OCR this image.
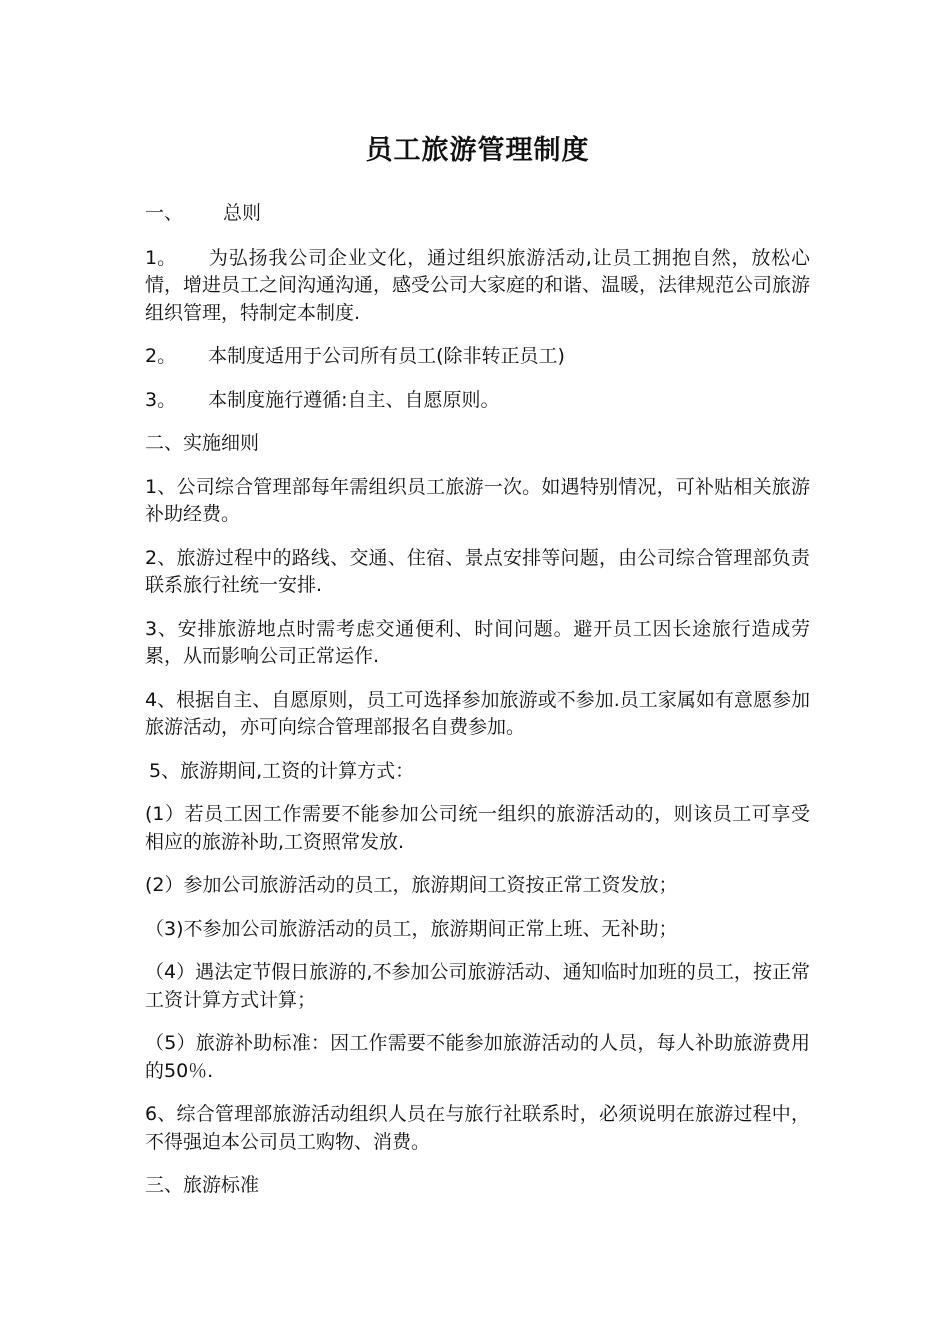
员工旅游管理制度

一、 总则

1。 为弘扬我公司企业文化，通过组织旅游活动,让员工拥抱自然，放松心情，增进员工之间沟通沟通，感受公司大家庭的和谐、温暖，法律规范公司旅游组织管理，特制定本制度.

2。 本制度适用于公司所有员工(除非转正员工)

3。 本制度施行遵循:自主、自愿原则。

二、实施细则

1、公司综合管理部每年需组织员工旅游一次。如遇特别情况，可补贴相关旅游补助经费。

2、旅游过程中的路线、交通、住宿、景点安排等问题，由公司综合管理部负责联系旅行社统一安排.

3、安排旅游地点时需考虑交通便利、时间问题。避开员工因长途旅行造成劳累，从而影响公司正常运作.

4、根据自主、自愿原则，员工可选择参加旅游或不参加.员工家属如有意愿参加旅游活动，亦可向综合管理部报名自费参加。

5、旅游期间,工资的计算方式：

(1）若员工因工作需要不能参加公司统一组织的旅游活动的，则该员工可享受相应的旅游补助,工资照常发放.

(2）参加公司旅游活动的员工，旅游期间工资按正常工资发放；

（3)不参加公司旅游活动的员工，旅游期间正常上班、无补助；

（4）遇法定节假日旅游的,不参加公司旅游活动、通知临时加班的员工，按正常工资计算方式计算；

（5）旅游补助标准：因工作需要不能参加旅游活动的人员，每人补助旅游费用的50％.

6、综合管理部旅游活动组织人员在与旅行社联系时，必须说明在旅游过程中，不得强迫本公司员工购物、消费。

三、旅游标准
